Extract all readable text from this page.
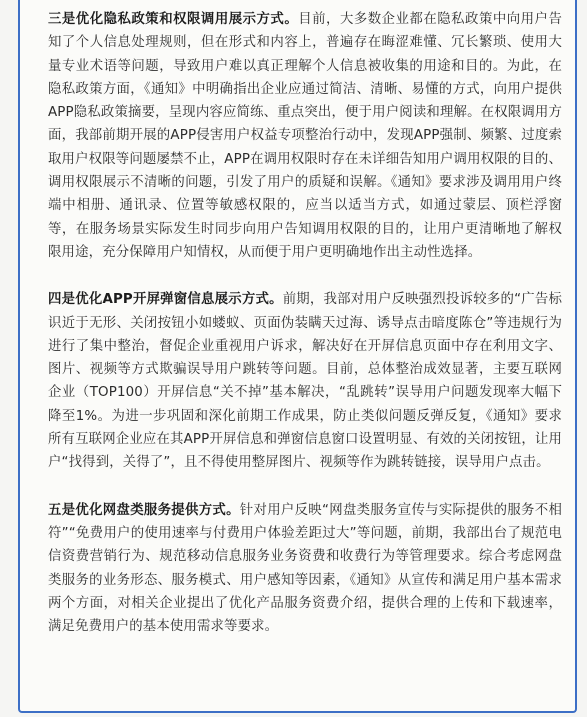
三是优化隐私政策和权限调用展示方式。目前，大多数企业都在隐私政策中向用户告知了个人信息处理规则，但在形式和内容上，普遍存在晦涩难懂、冗长繁琐、使用大量专业术语等问题，导致用户难以真正理解个人信息被收集的用途和目的。为此，在隐私政策方面，《通知》中明确指出企业应通过简洁、清晰、易懂的方式，向用户提供APP隐私政策摘要，呈现内容应简练、重点突出，便于用户阅读和理解。在权限调用方面，我部前期开展的APP侵害用户权益专项整治行动中，发现APP强制、频繁、过度索取用户权限等问题屡禁不止，APP在调用权限时存在未详细告知用户调用权限的目的、调用权限展示不清晰的问题，引发了用户的质疑和误解。《通知》要求涉及调用用户终端中相册、通讯录、位置等敏感权限的，应当以适当方式，如通过蒙层、顶栏浮窗等，在服务场景实际发生时同步向用户告知调用权限的目的，让用户更清晰地了解权限用途，充分保障用户知情权，从而便于用户更明确地作出主动性选择。

四是优化APP开屏弹窗信息展示方式。前期，我部对用户反映强烈投诉较多的“广告标识近于无形、关闭按钮小如蝼蚁、页面伪装瞒天过海、诱导点击暗度陈仓”等违规行为进行了集中整治，督促企业重视用户诉求，解决好在开屏信息页面中存在利用文字、图片、视频等方式欺骗误导用户跳转等问题。目前，总体整治成效显著，主要互联网企业（TOP100）开屏信息“关不掉”基本解决，“乱跳转”误导用户问题发现率大幅下降至1%。为进一步巩固和深化前期工作成果，防止类似问题反弹反复，《通知》要求所有互联网企业应在其APP开屏信息和弹窗信息窗口设置明显、有效的关闭按钮，让用户“找得到，关得了”，且不得使用整屏图片、视频等作为跳转链接，误导用户点击。

五是优化网盘类服务提供方式。针对用户反映“网盘类服务宣传与实际提供的服务不相符”“免费用户的使用速率与付费用户体验差距过大”等问题，前期，我部出台了规范电信资费营销行为、规范移动信息服务业务资费和收费行为等管理要求。综合考虑网盘类服务的业务形态、服务模式、用户感知等因素，《通知》从宣传和满足用户基本需求两个方面，对相关企业提出了优化产品服务资费介绍，提供合理的上传和下载速率，满足免费用户的基本使用需求等要求。
